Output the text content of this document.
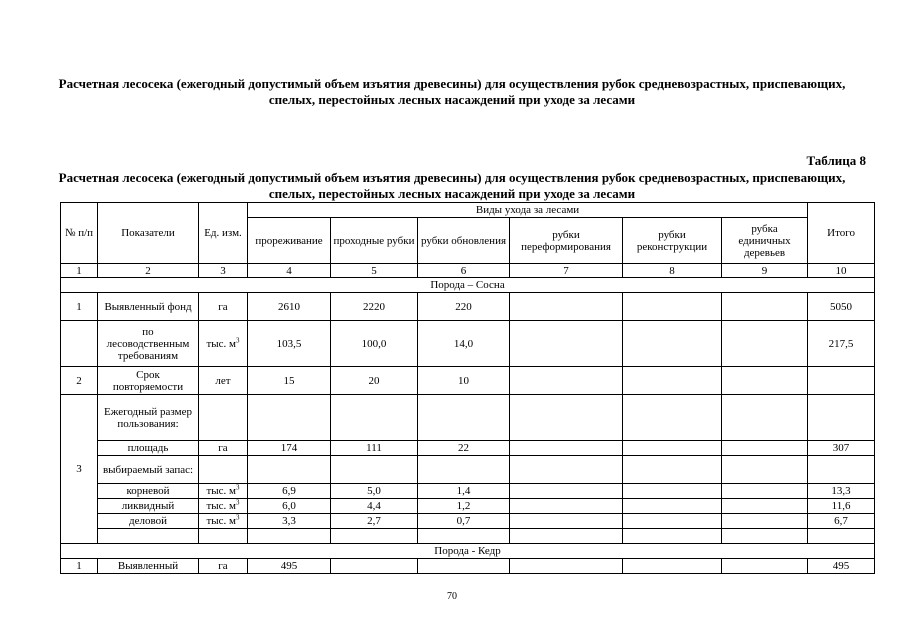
Расчетная лесосека (ежегодный допустимый объем изъятия древесины) для осуществления рубок средневозрастных, приспевающих, спелых, перестойных лесных насаждений при уходе за лесами

Таблица 8

Расчетная лесосека (ежегодный допустимый объем изъятия древесины) для осуществления рубок средневозрастных, приспевающих, спелых, перестойных лесных насаждений при уходе за лесами

№ п/п	Показатели	Ед. изм.	Виды ухода за лесами						Итого
			прореживание	проходные рубки	рубки обновления	рубки переформирования	рубки реконструкции	рубка единичных деревьев	
1	2	3	4	5	6	7	8	9	10
Порода – Сосна									
1	Выявленный фонд	га	2610	2220	220				5050
	по лесоводственным требованиям	тыс. $м^3$	103,5	100,0	14,0				217,5
2	Срок повторяемости	лет	15	20	10				
3	Ежегодный размер пользования:								
	площадь	га	174	111	22				307
	выбираемый запас:								
	корневой	тыс. $м^3$	6,9	5,0	1,4				13,3
	ликвидный	тыс. $м^3$	6,0	4,4	1,2				11,6
	деловой	тыс. $м^3$	3,3	2,7	0,7				6,7

Порода - Кедр									
1	Выявленный	га	495						495
70
